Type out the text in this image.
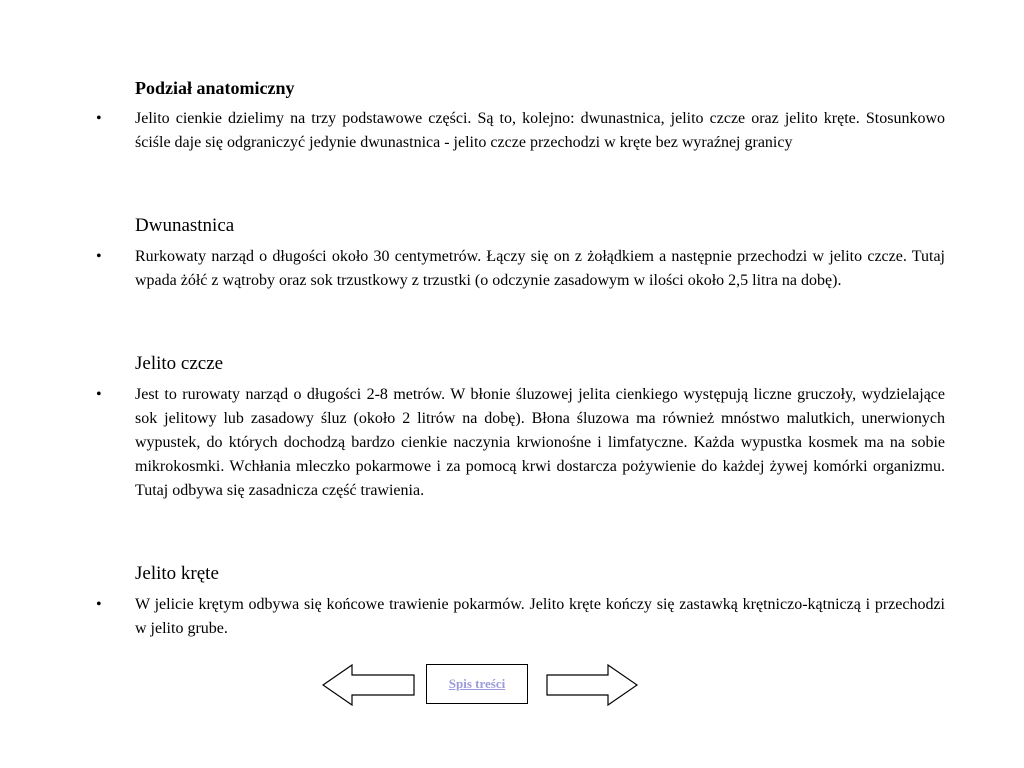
Podział anatomiczny
• Jelito cienkie dzielimy na trzy podstawowe części. Są to, kolejno: dwunastnica, jelito czcze oraz jelito kręte. Stosunkowo ściśle daje się odgraniczyć jedynie dwunastnica - jelito czcze przechodzi w kręte bez wyraźnej granicy
Dwunastnica
• Rurkowaty narząd o długości około 30 centymetrów. Łączy się on z żołądkiem a następnie przechodzi w jelito czcze. Tutaj wpada żółć z wątroby oraz sok trzustkowy z trzustki (o odczynie zasadowym w ilości około 2,5 litra na dobę).
Jelito czcze
• Jest to rurowaty narząd o długości 2-8 metrów. W błonie śluzowej jelita cienkiego występują liczne gruczoły, wydzielające sok jelitowy lub zasadowy śluz (około 2 litrów na dobę). Błona śluzowa ma również mnóstwo malutkich, unerwionych wypustek, do których dochodzą bardzo cienkie naczynia krwionośne i limfatyczne. Każda wypustka kosmek ma na sobie mikrokosmki. Wchłania mleczko pokarmowe i za pomocą krwi dostarcza pożywienie do każdej żywej komórki organizmu. Tutaj odbywa się zasadnicza część trawienia.
Jelito kręte
• W jelicie krętym odbywa się końcowe trawienie pokarmów. Jelito kręte kończy się zastawką krętniczo-kątniczą i przechodzi w jelito grube.
Spis treści
